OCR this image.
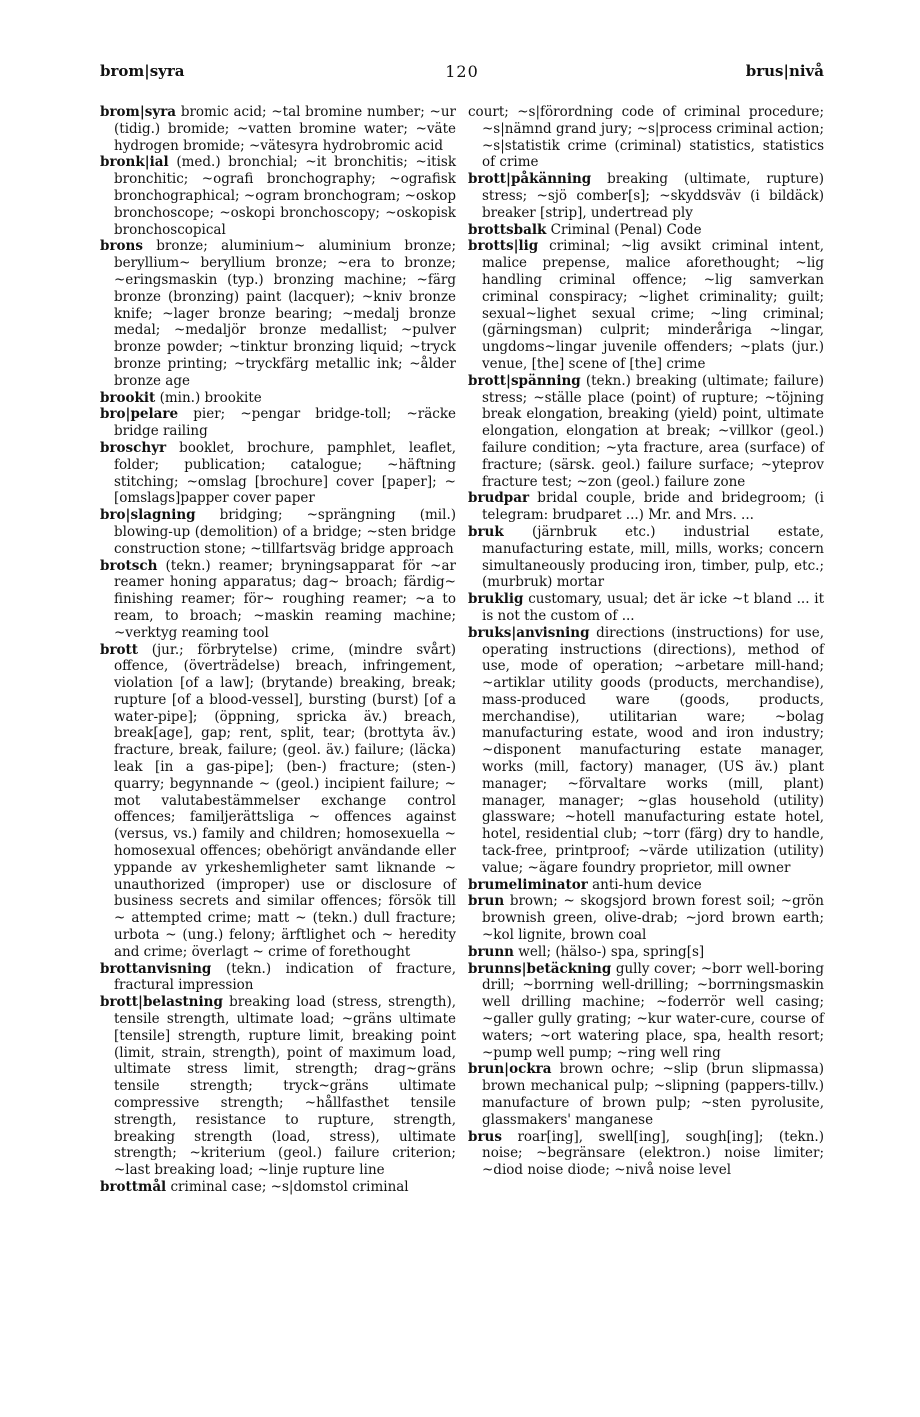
brom|syra	120	brus|nivå

brom|syra bromic acid; ~tal bromine number; ~ur (tidig.) bromide; ~vatten bromine water; ~väte hydrogen bromide; ~vätesyra hydrobromic acid

bronk|ial (med.) bronchial; ~it bronchitis; ~itisk bronchitic; ~ografi bronchography; ~ografisk bronchographical; ~ogram bronchogram; ~oskop bronchoscope; ~oskopi bronchoscopy; ~oskopisk bronchoscopical

brons bronze; aluminium~ aluminium bronze; beryllium~ beryllium bronze; ~era to bronze; ~eringsmaskin (typ.) bronzing machine; ~färg bronze (bronzing) paint (lacquer); ~kniv bronze knife; ~lager bronze bearing; ~medalj bronze medal; ~medaljör bronze medallist; ~pulver bronze powder; ~tinktur bronzing liquid; ~tryck bronze printing; ~tryckfärg metallic ink; ~ålder bronze age

brookit (min.) brookite

bro|pelare pier; ~pengar bridge-toll; ~räcke bridge railing

broschyr booklet, brochure, pamphlet, leaflet, folder; publication; catalogue; ~häftning stitching; ~omslag [brochure] cover [paper]; ~[omslags]papper cover paper

bro|slagning bridging; ~sprängning (mil.) blowing-up (demolition) of a bridge; ~sten bridge construction stone; ~tillfartsväg bridge approach

brotsch (tekn.) reamer; bryningsapparat för ~ar reamer honing apparatus; dag~ broach; färdig~ finishing reamer; för~ roughing reamer; ~a to ream, to broach; ~maskin reaming machine; ~verktyg reaming tool

brott (jur.; förbrytelse) crime, (mindre svårt) offence, (överträdelse) breach, infringement, violation [of a law]; (brytande) breaking, break; rupture [of a blood-vessel], bursting (burst) [of a water-pipe]; (öppning, spricka äv.) breach, break[age], gap; rent, split, tear; (brottyta äv.) fracture, break, failure; (geol. äv.) failure; (läcka) leak [in a gas-pipe]; (ben-) fracture; (sten-) quarry; begynnande ~ (geol.) incipient failure; ~ mot valutabestämmelser exchange control offences; familjerättsliga ~ offences against (versus, vs.) family and children; homosexuella ~ homosexual offences; obehörigt användande eller yppande av yrkeshemligheter samt liknande ~ unauthorized (improper) use or disclosure of business secrets and similar offences; försök till ~ attempted crime; matt ~ (tekn.) dull fracture; urbota ~ (ung.) felony; ärftlighet och ~ heredity and crime; överlagt ~ crime of forethought

brottanvisning (tekn.) indication of fracture, fractural impression

brott|belastning breaking load (stress, strength), tensile strength, ultimate load; ~gräns ultimate [tensile] strength, rupture limit, breaking point (limit, strain, strength), point of maximum load, ultimate stress limit, strength; drag~gräns tensile strength; tryck~gräns ultimate compressive strength; ~hållfasthet tensile strength, resistance to rupture, strength, breaking strength (load, stress), ultimate strength; ~kriterium (geol.) failure criterion; ~last breaking load; ~linje rupture line

brottmål criminal case; ~s|domstol criminal

court; ~s|förordning code of criminal procedure; ~s|nämnd grand jury; ~s|process criminal action; ~s|statistik crime (criminal) statistics, statistics of crime

brott|påkänning breaking (ultimate, rupture) stress; ~sjö comber[s]; ~skyddsväv (i bildäck) breaker [strip], undertread ply

brottsbalk Criminal (Penal) Code

brotts|lig criminal; ~lig avsikt criminal intent, malice prepense, malice aforethought; ~lig handling criminal offence; ~lig samverkan criminal conspiracy; ~lighet criminality; guilt; sexual~lighet sexual crime; ~ling criminal; (gärningsman) culprit; minderåriga ~lingar, ungdoms~lingar juvenile offenders; ~plats (jur.) venue, [the] scene of [the] crime

brott|spänning (tekn.) breaking (ultimate; failure) stress; ~ställe place (point) of rupture; ~töjning break elongation, breaking (yield) point, ultimate elongation, elongation at break; ~villkor (geol.) failure condition; ~yta fracture, area (surface) of fracture; (särsk. geol.) failure surface; ~yteprov fracture test; ~zon (geol.) failure zone

brudpar bridal couple, bride and bridegroom; (i telegram: brudparet ...) Mr. and Mrs. ...

bruk (järnbruk etc.) industrial estate, manufacturing estate, mill, mills, works; concern simultaneously producing iron, timber, pulp, etc.; (murbruk) mortar

bruklig customary, usual; det är icke ~t bland ... it is not the custom of ...

bruks|anvisning directions (instructions) for use, operating instructions (directions), method of use, mode of operation; ~arbetare mill-hand; ~artiklar utility goods (products, merchandise), mass-produced ware (goods, products, merchandise), utilitarian ware; ~bolag manufacturing estate, wood and iron industry; ~disponent manufacturing estate manager, works (mill, factory) manager, (US äv.) plant manager; ~förvaltare works (mill, plant) manager, manager; ~glas household (utility) glassware; ~hotell manufacturing estate hotel, hotel, residential club; ~torr (färg) dry to handle, tack-free, printproof; ~värde utilization (utility) value; ~ägare foundry proprietor, mill owner

brumeliminator anti-hum device

brun brown; ~ skogsjord brown forest soil; ~grön brownish green, olive-drab; ~jord brown earth; ~kol lignite, brown coal

brunn well; (hälso-) spa, spring[s]

brunns|betäckning gully cover; ~borr well-boring drill; ~borrning well-drilling; ~borrningsmaskin well drilling machine; ~foderrör well casing; ~galler gully grating; ~kur water-cure, course of waters; ~ort watering place, spa, health resort; ~pump well pump; ~ring well ring

brun|ockra brown ochre; ~slip (brun slipmassa) brown mechanical pulp; ~slipning (pappers-tillv.) manufacture of brown pulp; ~sten pyrolusite, glassmakers' manganese

brus roar[ing], swell[ing], sough[ing]; (tekn.) noise; ~begränsare (elektron.) noise limiter; ~diod noise diode; ~nivå noise level
